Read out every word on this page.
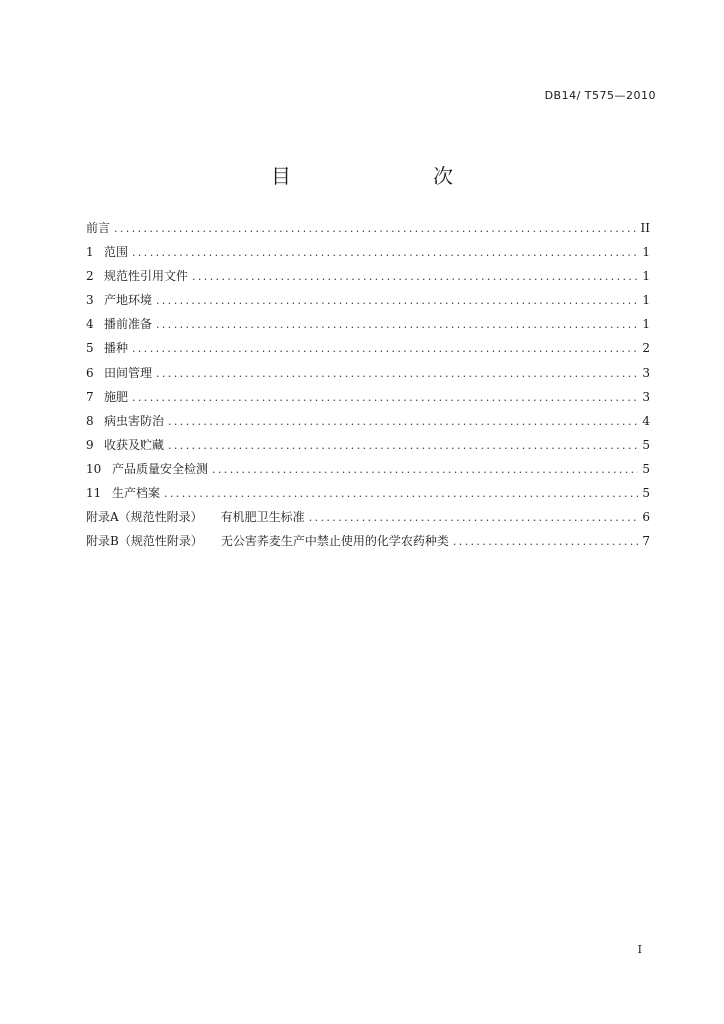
DB14/ T575—2010
目　　次
前言 .....	II
1 范围 .....	1
2 规范性引用文件 .....	1
3 产地环境 .....	1
4 播前准备 .....	1
5 播种 .....	2
6 田间管理 .....	3
7 施肥 .....	3
8 病虫害防治 .....	4
9 收获及贮藏 .....	5
10 产品质量安全检测 .....	5
11 生产档案 .....	5
附录A（规范性附录） 有机肥卫生标准 .....	6
附录B（规范性附录） 无公害荞麦生产中禁止使用的化学农药种类 .....	7
I
